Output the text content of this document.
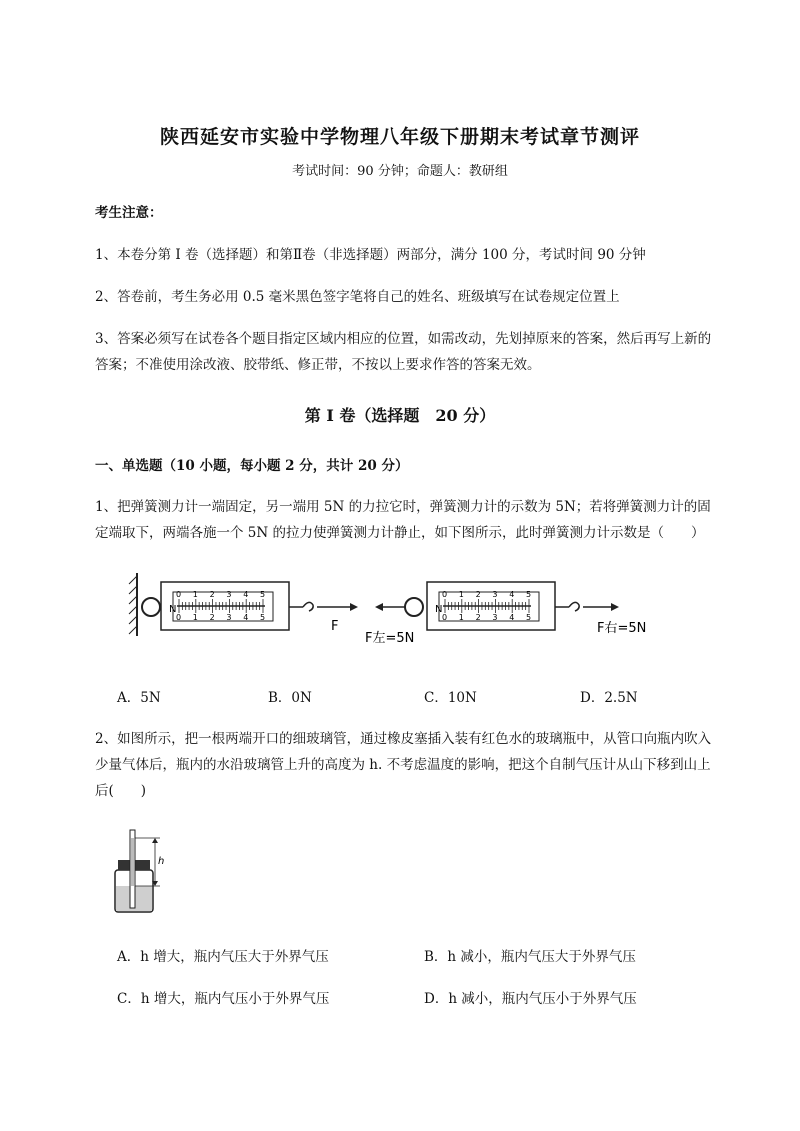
陕西延安市实验中学物理八年级下册期末考试章节测评
考试时间：90 分钟；命题人：教研组
考生注意：
1、本卷分第 I 卷（选择题）和第Ⅱ卷（非选择题）两部分，满分 100 分，考试时间 90 分钟
2、答卷前，考生务必用 0.5 毫米黑色签字笔将自己的姓名、班级填写在试卷规定位置上
3、答案必须写在试卷各个题目指定区域内相应的位置，如需改动，先划掉原来的答案，然后再写上新的答案；不准使用涂改液、胶带纸、修正带，不按以上要求作答的答案无效。
第 I 卷（选择题　20 分）
一、单选题（10 小题，每小题 2 分，共计 20 分）
1、把弹簧测力计一端固定，另一端用 5N 的力拉它时，弹簧测力计的示数为 5N；若将弹簧测力计的固定端取下，两端各施一个 5N 的拉力使弹簧测力计静止，如下图所示，此时弹簧测力计示数是（　　）
0
0
1
1
2
2
3
3
4
4
5
5
N
F
0
0
1
1
2
2
3
3
4
4
5
5
N
F左=5N
F右=5N
A．5N	B．0N	C．10N	D．2.5N
2、如图所示，把一根两端开口的细玻璃管，通过橡皮塞插入装有红色水的玻璃瓶中，从管口向瓶内吹入少量气体后，瓶内的水沿玻璃管上升的高度为 h. 不考虑温度的影响，把这个自制气压计从山下移到山上后(　　)
h
A．h 增大，瓶内气压大于外界气压	B．h 减小，瓶内气压大于外界气压
C．h 增大，瓶内气压小于外界气压	D．h 减小，瓶内气压小于外界气压
